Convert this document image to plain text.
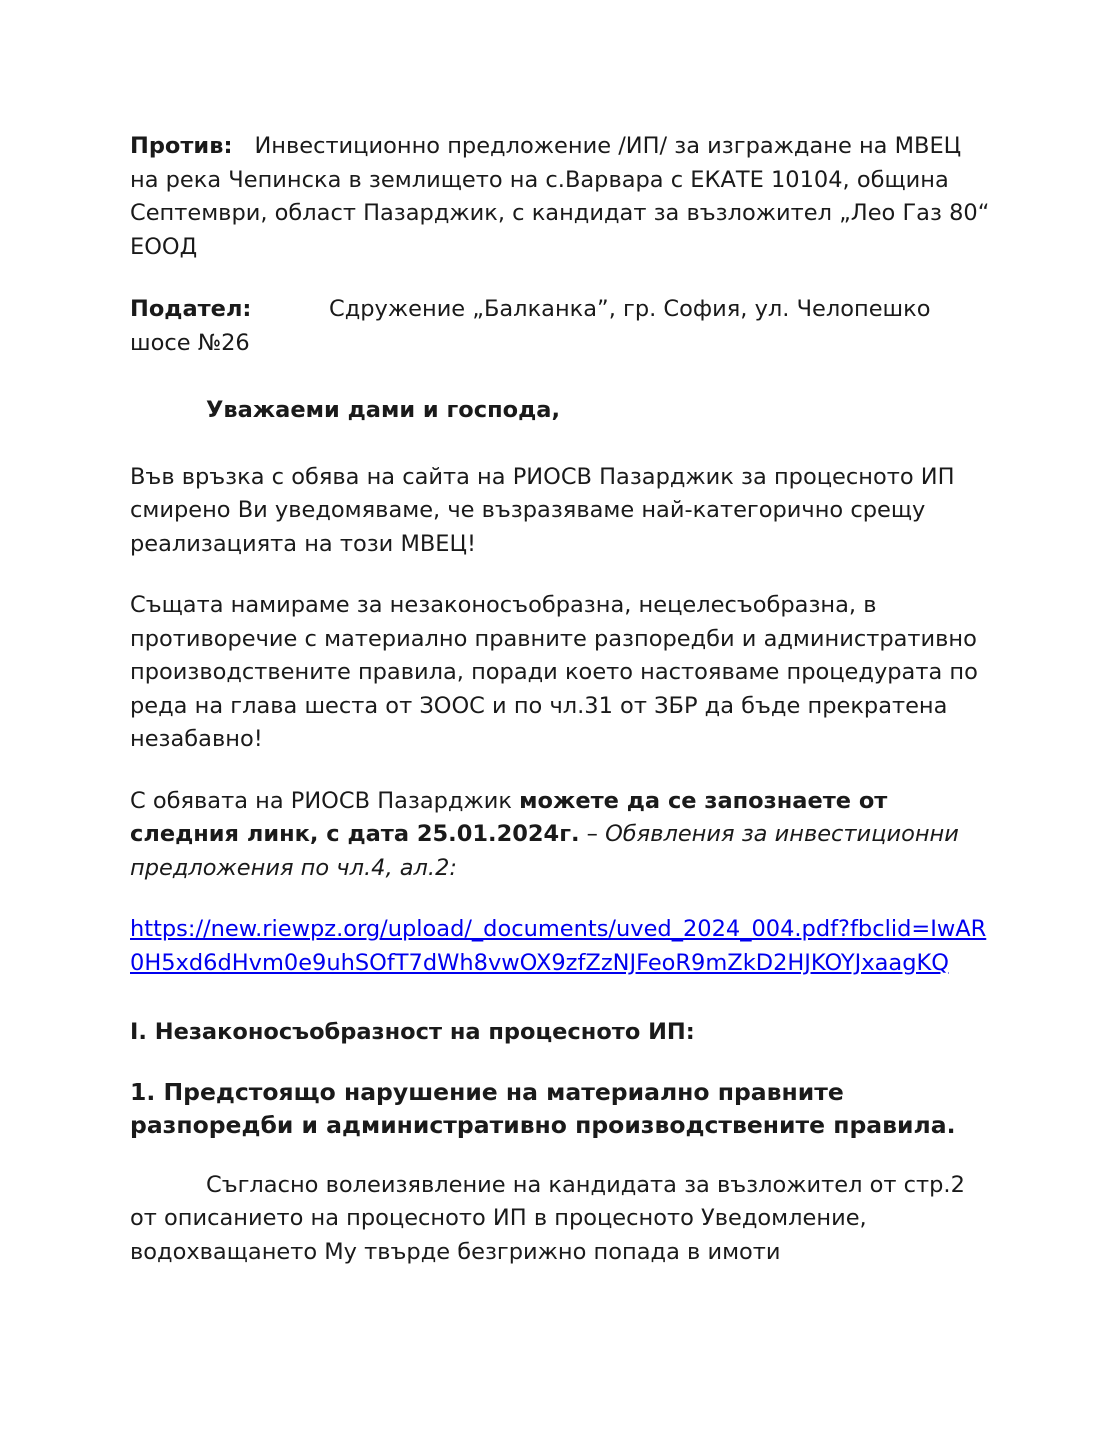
Против: Инвестиционно предложение /ИП/ за изграждане на МВЕЦ на река Чепинска в землището на с.Варвара с ЕКАТЕ 10104, община Септември, област Пазарджик, с кандидат за възложител „Лео Газ 80“ ЕООД

Подател:	Сдружение „Балканка”, гр. София, ул. Челопешко шосе №26

Уважаеми дами и господа,

Във връзка с обява на сайта на РИОСВ Пазарджик за процесното ИП смирено Ви уведомяваме, че възразяваме най-категорично срещу реализацията на този МВЕЦ!

Същата намираме за незаконосъобразна, нецелесъобразна, в противоречие с материално правните разпоредби и административно производствените правила, поради което настояваме процедурата по реда на глава шеста от ЗООС и по чл.31 от ЗБР да бъде прекратена незабавно!

С обявата на РИОСВ Пазарджик можете да се запознаете от следния линк, с дата 25.01.2024г. – Обявления за инвестиционни предложения по чл.4, ал.2:

https://new.riewpz.org/upload/_documents/uved_2024_004.pdf?fbclid=IwAR0H5xd6dHvm0e9uhSOfT7dWh8vwOX9zfZzNJFeoR9mZkD2HJKOYJxaagKQ

I. Незаконосъобразност на процесното ИП:

1. Предстоящо нарушение на материално правните разпоредби и административно производствените правила.

Съгласно волеизявление на кандидата за възложител от стр.2 от описанието на процесното ИП в процесното Уведомление, водохващането Му твърде безгрижно попада в имоти
